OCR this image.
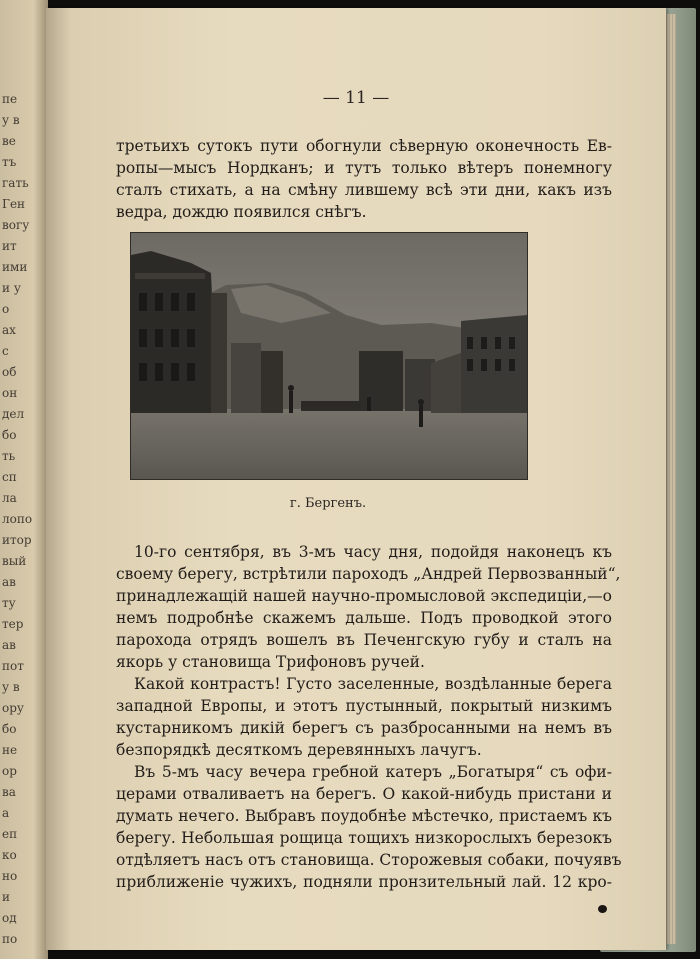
пе
у в
ве
тъ
гать
Ген
вогу
ит
ими
и у
о
ах
с
об
он
дел
бо
ть
сп
ла
лопо
итор
вый
ав
ту
тер
ав
пот
у в
ору
бо
не
ор
ва
а
еп
ко
но
и
од
по
— 11 —
третьихъ сутокъ пути обогнули сѣверную оконечность Ев-
ропы—мысъ Нордканъ; и тутъ только вѣтеръ понемногу
сталъ стихать, а на смѣну лившему всѣ эти дни, какъ изъ
ведра, дождю появился снѣгъ.
г. Бергенъ.
10-го сентября, въ 3-мъ часу дня, подойдя наконецъ къ
своему берегу, встрѣтили пароходъ „Андрей Первозванный“,
принадлежащій нашей научно-промысловой экспедиціи,—о
немъ подробнѣе скажемъ дальше. Подъ проводкой этого
парохода отрядъ вошелъ въ Печенгскую губу и сталъ на
якорь у становища Трифоновъ ручей.
Какой контрастъ! Густо заселенные, воздѣланные берега
западной Европы, и этотъ пустынный, покрытый низкимъ
кустарникомъ дикій берегъ съ разбросанными на немъ въ
безпорядкѣ десяткомъ деревянныхъ лачугъ.
Въ 5-мъ часу вечера гребной катеръ „Богатыря“ съ офи-
церами отваливаетъ на берегъ. О какой-нибудь пристани и
думать нечего. Выбравъ поудобнѣе мѣстечко, пристаемъ къ
берегу. Небольшая рощица тощихъ низкорослыхъ березокъ
отдѣляетъ насъ отъ становища. Сторожевыя собаки, почуявъ
приближеніе чужихъ, подняли пронзительный лай. 12 кро-
